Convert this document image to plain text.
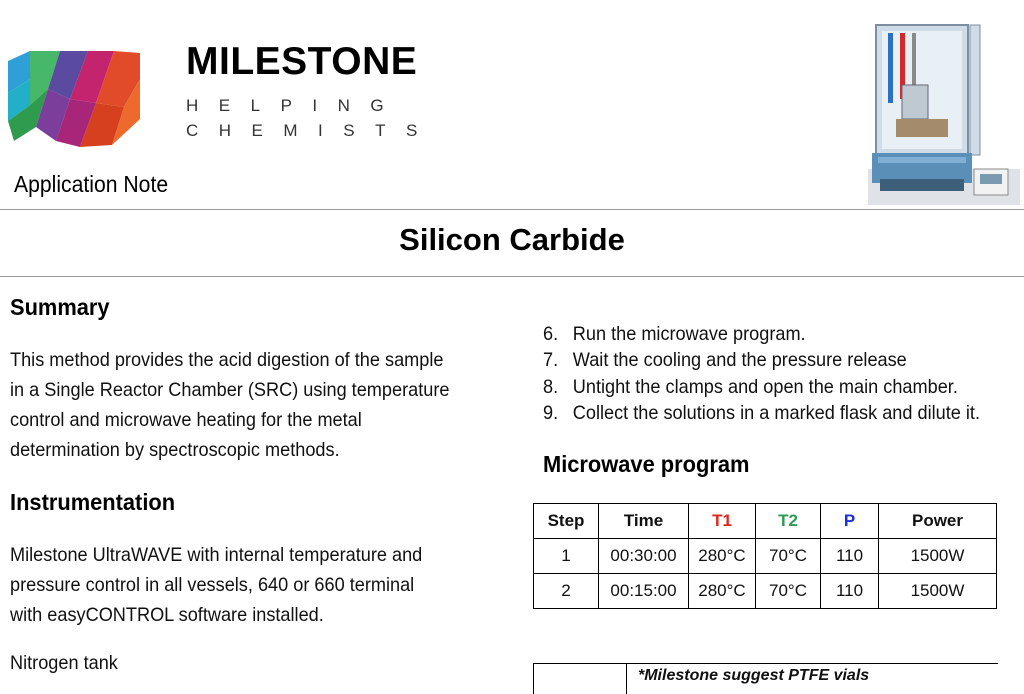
MILESTONE
HELPING
CHEMISTS
Application Note
Silicon Carbide
Summary
This method provides the acid digestion of the sample
in a Single Reactor Chamber (SRC) using temperature
control and microwave heating for the metal
determination by spectroscopic methods.
Instrumentation
Milestone UltraWAVE with internal temperature and
pressure control in all vessels, 640 or 660 terminal
with easyCONTROL software installed.
Nitrogen tank
6. Run the microwave program.
7. Wait the cooling and the pressure release
8. Untight the clamps and open the main chamber.
9. Collect the solutions in a marked flask and dilute it.
Microwave program
Step	Time	T1	T2	P	Power
1	00:30:00	280°C	70°C	110	1500W
2	00:15:00	280°C	70°C	110	1500W
*Milestone suggest PTFE vials
